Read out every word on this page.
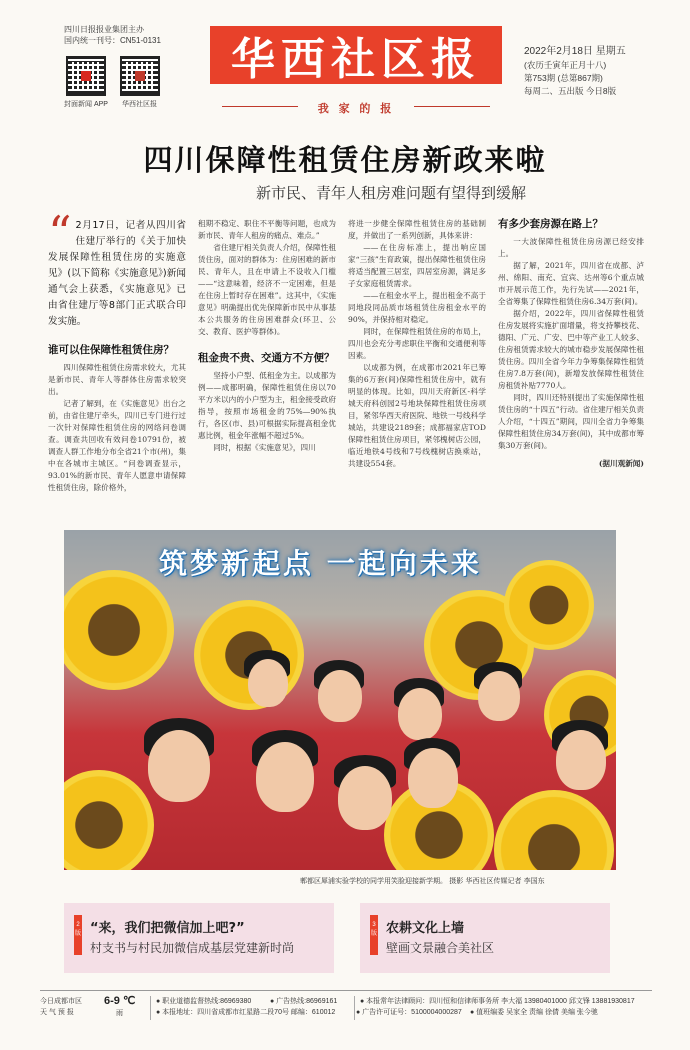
四川日报报业集团主办
国内统一刊号：CN51-0131
封面新闻 APP 华西社区报
华西社区报
我 家 的 报
2022年2月18日 星期五
(农历壬寅年正月十八)
第753期 (总第867期)
每周二、五出版 今日8版
四川保障性租赁住房新政来啦
新市民、青年人租房难问题有望得到缓解
“ 2月17日，记者从四川省住建厅举行的《关于加快发展保障性租赁住房的实施意见》(以下简称《实施意见》)新闻通气会上获悉，《实施意见》已由省住建厅等8部门正式联合印发实施。
谁可以住保障性租赁住房？

四川保障性租赁住房需求较大，尤其是新市民、青年人等群体住房需求较突出。

记者了解到，在《实施意见》出台之前，由省住建厅牵头，四川已专门进行过一次针对保障性租赁住房的网络问卷调查。调查共回收有效问卷10791份，被调查人群工作地分布全省21个市(州)，集中在各城市主城区。“问卷调查显示，93.01%的新市民、青年人愿意申请保障性租赁住房，除价格外，

租期不稳定、职住不平衡等问题，也成为新市民、青年人租房的痛点、难点。”

省住建厅相关负责人介绍，保障性租赁住房，面对的群体为：住房困难的新市民、青年人，且在申请上不设收入门槛——“这意味着，经济不一定困难，但是在住房上暂时存在困难”。这其中，《实施意见》明确提出优先保障新市民中从事基本公共服务的住房困难群众(环卫、公交、教育、医护等群体)。

租金贵不贵、交通方不方便？

坚持小户型、低租金为主。以成都为例——成都明确，保障性租赁住房以70平方米以内的小户型为主，租金接受政府指导，按照市场租金的75%—90%执行，各区(市、县)可根据实际提高租金优惠比例，租金年涨幅不超过5%。

同时，根据《实施意见》，四川

将进一步健全保障性租赁住房的基础制度，并做出了一系列创新，具体来讲：

——在住房标准上，提出响应国家“三孩”生育政策，提出保障性租赁住房将适当配置三居室，四居室房源，满足多子女家庭租赁需求。

——在租金水平上，提出租金不高于同地段同品质市场租赁住房租金水平的90%，并保持相对稳定。

同时，在保障性租赁住房的布局上，四川也会充分考虑职住平衡和交通便利等因素。

以成都为例，在成都市2021年已筹集的6万套(间)保障性租赁住房中，就有明显的体现。比如，四川天府新区-科学城天府科创园2号地块保障性租赁住房项目，紧邻华西天府医院、地铁一号线科学城站，共建设2189套；成都福家店TOD保障性租赁住房项目，紧邻槐树店公园，临近地铁4号线和7号线槐树店换乘站，共建设554套。

有多少套房源在路上？

一大波保障性租赁住房房源已经安排上。

据了解，2021年，四川省在成都、泸州、绵阳、南充、宜宾、达州等6个重点城市开展示范工作，先行先试——2021年，全省筹集了保障性租赁住房6.34万套(间)。

据介绍，2022年，四川省保障性租赁住房发展将实施扩面增量，将支持攀枝花、德阳、广元、广安、巴中等产业工人较多、住房租赁需求较大的城市稳步发展保障性租赁住房。四川全省今年力争筹集保障性租赁住房7.8万套(间)，新增发放保障性租赁住房租赁补贴7770人。

同时，四川还特别提出了实施保障性租赁住房的“十四五”行动。省住建厅相关负责人介绍，“十四五”期间，四川全省力争筹集保障性租赁住房34万套(间)，其中成都市筹集30万套(间)。

(据川观新闻)

筑梦新起点 一起向未来
郫都区犀浦实验学校的同学用笑脸迎接新学期。 摄影 华西社区传媒记者 李国东
2版 “来，我们把微信加上吧?”
村支书与村民加微信成基层党建新时尚
3版 农耕文化上墙
壁画文景融合美社区
今日成都市区
天 气 预 报
6-9 ℃
雨
● 职业道德监督热线:86969380
● 本报地址：四川省成都市红星路二段70号 邮编：610012
● 广告热线:86969161
● 广告许可证号：5100004000287
● 本报常年法律顾问：四川恒和信律师事务所 李大福 13980401000 邱文锋 13881930817
● 值班编委 吴家全 责编 徐倩 美编 张今驰
